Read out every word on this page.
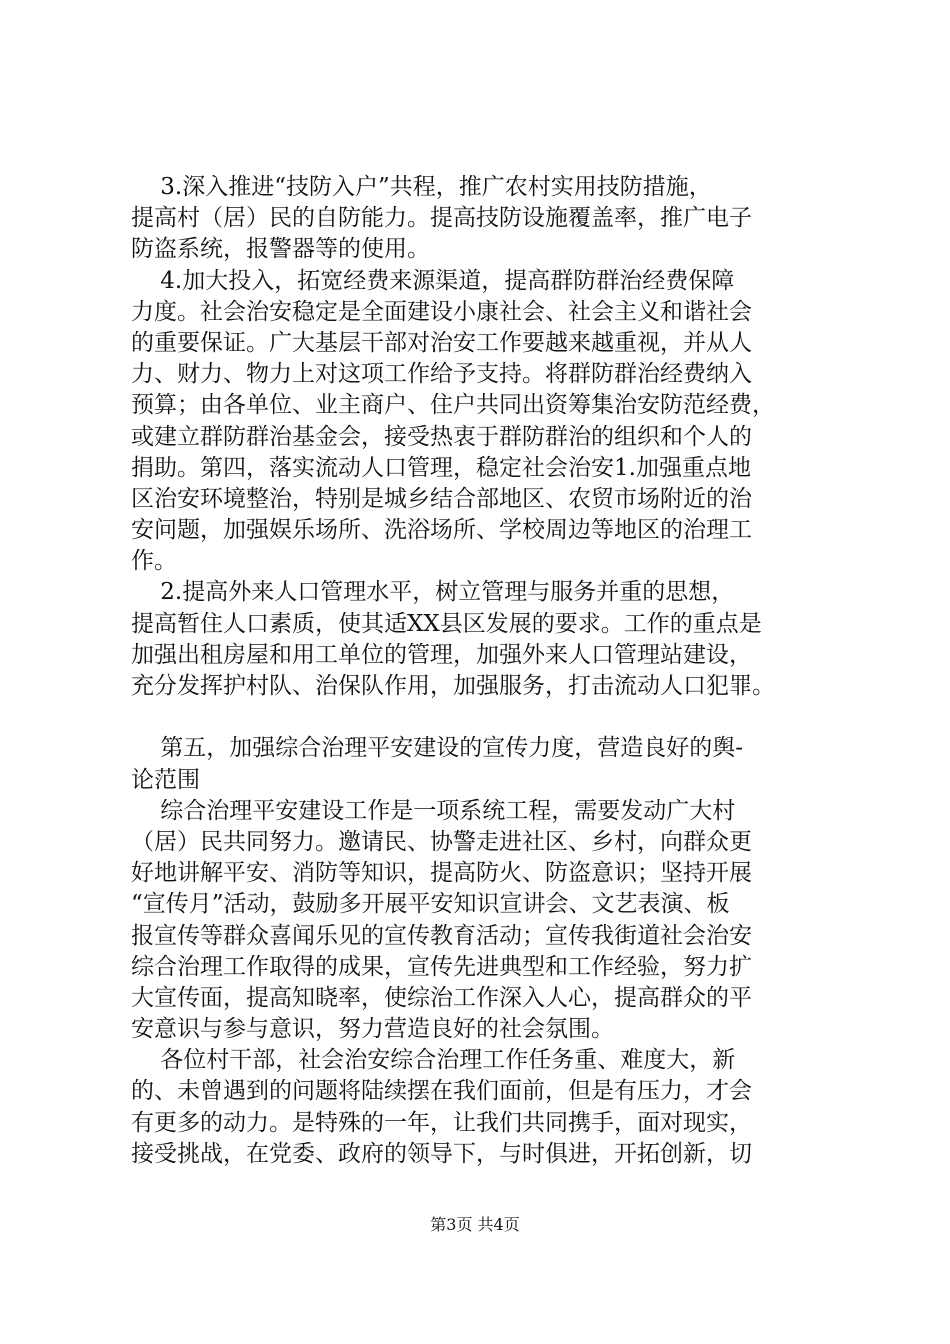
3.深入推进“技防入户”共程，推广农村实用技防措施，
提高村（居）民的自防能力。提高技防设施覆盖率，推广电子
防盗系统，报警器等的使用。
4.加大投入，拓宽经费来源渠道，提高群防群治经费保障
力度。社会治安稳定是全面建设小康社会、社会主义和谐社会
的重要保证。广大基层干部对治安工作要越来越重视，并从人
力、财力、物力上对这项工作给予支持。将群防群治经费纳入
预算；由各单位、业主商户、住户共同出资筹集治安防范经费，
或建立群防群治基金会，接受热衷于群防群治的组织和个人的
捐助。第四，落实流动人口管理，稳定社会治安1.加强重点地
区治安环境整治，特别是城乡结合部地区、农贸市场附近的治
安问题，加强娱乐场所、洗浴场所、学校周边等地区的治理工
作。
2.提高外来人口管理水平，树立管理与服务并重的思想，
提高暂住人口素质，使其适XX县区发展的要求。工作的重点是
加强出租房屋和用工单位的管理，加强外来人口管理站建设，
充分发挥护村队、治保队作用，加强服务，打击流动人口犯罪。
第五，加强综合治理平安建设的宣传力度，营造良好的舆-
论范围
综合治理平安建设工作是一项系统工程，需要发动广大村
（居）民共同努力。邀请民、协警走进社区、乡村，向群众更
好地讲解平安、消防等知识，提高防火、防盗意识；坚持开展
“宣传月”活动，鼓励多开展平安知识宣讲会、文艺表演、板
报宣传等群众喜闻乐见的宣传教育活动；宣传我街道社会治安
综合治理工作取得的成果，宣传先进典型和工作经验，努力扩
大宣传面，提高知晓率，使综治工作深入人心，提高群众的平
安意识与参与意识，努力营造良好的社会氛围。
各位村干部，社会治安综合治理工作任务重、难度大，新
的、未曾遇到的问题将陆续摆在我们面前，但是有压力，才会
有更多的动力。是特殊的一年，让我们共同携手，面对现实，
接受挑战，在党委、政府的领导下，与时俱进，开拓创新，切
第3页 共4页
